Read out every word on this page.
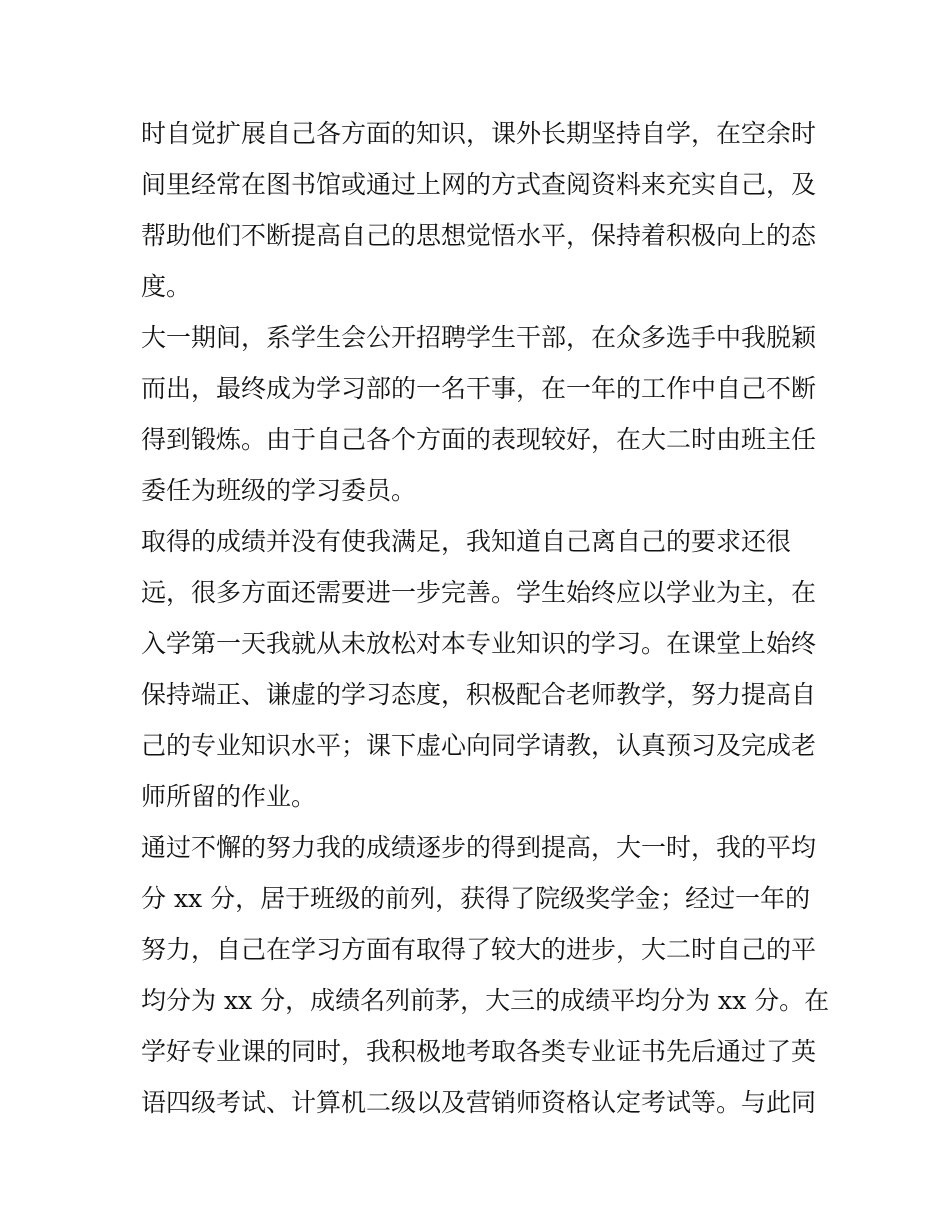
时自觉扩展自己各方面的知识，课外长期坚持自学，在空余时
间里经常在图书馆或通过上网的方式查阅资料来充实自己，及
帮助他们不断提高自己的思想觉悟水平，保持着积极向上的态
度。
大一期间，系学生会公开招聘学生干部，在众多选手中我脱颖
而出，最终成为学习部的一名干事，在一年的工作中自己不断
得到锻炼。由于自己各个方面的表现较好，在大二时由班主任
委任为班级的学习委员。
取得的成绩并没有使我满足，我知道自己离自己的要求还很
远，很多方面还需要进一步完善。学生始终应以学业为主，在
入学第一天我就从未放松对本专业知识的学习。在课堂上始终
保持端正、谦虚的学习态度，积极配合老师教学，努力提高自
己的专业知识水平；课下虚心向同学请教，认真预习及完成老
师所留的作业。
通过不懈的努力我的成绩逐步的得到提高，大一时，我的平均
分 xx 分，居于班级的前列，获得了院级奖学金；经过一年的
努力，自己在学习方面有取得了较大的进步，大二时自己的平
均分为 xx 分，成绩名列前茅，大三的成绩平均分为 xx 分。在
学好专业课的同时，我积极地考取各类专业证书先后通过了英
语四级考试、计算机二级以及营销师资格认定考试等。与此同
